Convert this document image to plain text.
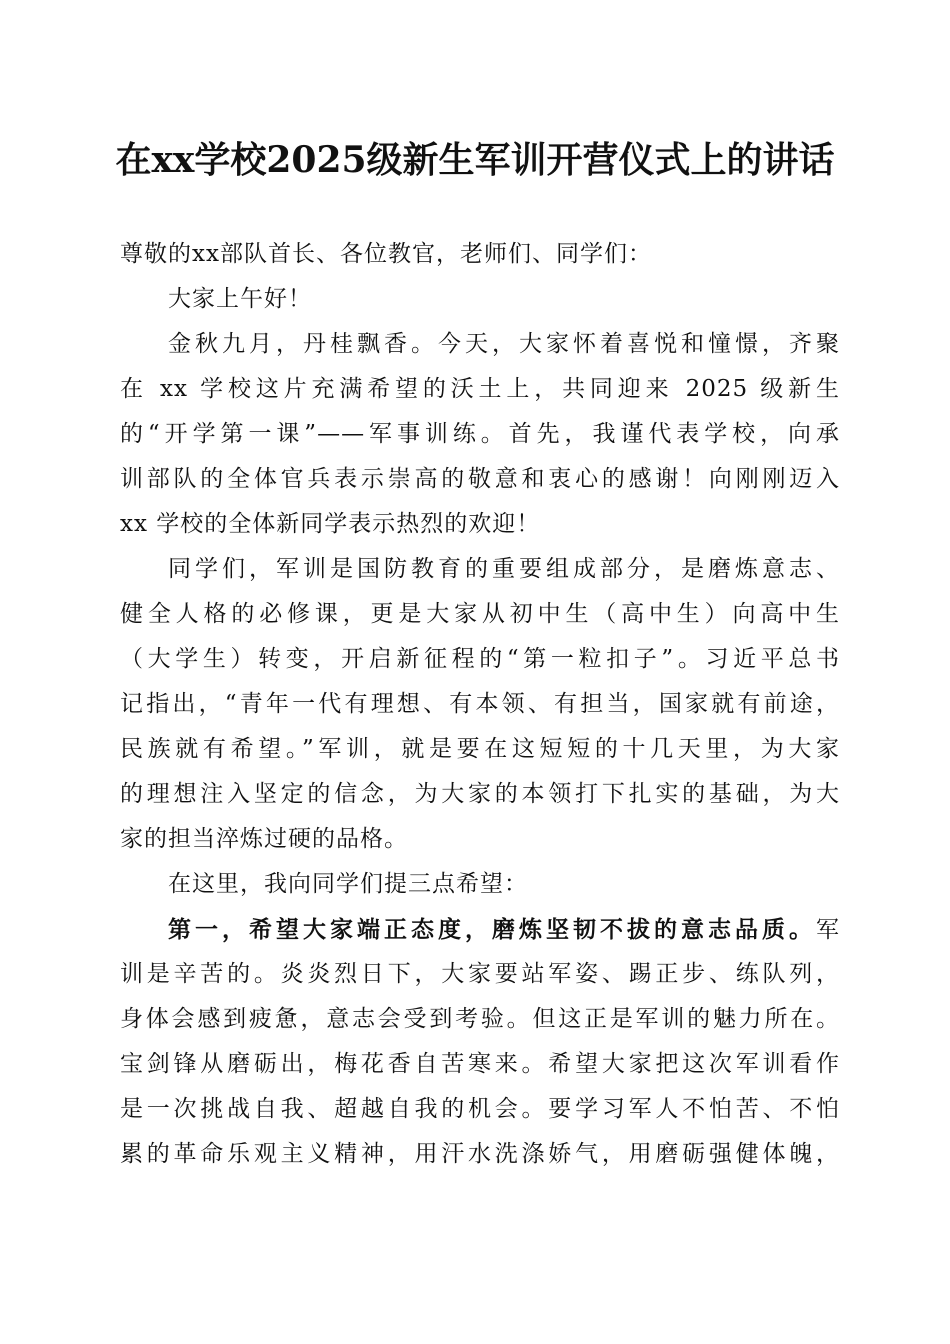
在xx学校2025级新生军训开营仪式上的讲话
尊敬的xx部队首长、各位教官，老师们、同学们：
大家上午好！
金秋九月，丹桂飘香。今天，大家怀着喜悦和憧憬，齐聚
在 xx 学校这片充满希望的沃土上，共同迎来 2025 级新生
的“开学第一课”——军事训练。首先，我谨代表学校，向承
训部队的全体官兵表示崇高的敬意和衷心的感谢！向刚刚迈入
xx 学校的全体新同学表示热烈的欢迎！
同学们，军训是国防教育的重要组成部分，是磨炼意志、
健全人格的必修课，更是大家从初中生（高中生）向高中生
（大学生）转变，开启新征程的“第一粒扣子”。习近平总书
记指出，“青年一代有理想、有本领、有担当，国家就有前途，
民族就有希望。”军训，就是要在这短短的十几天里，为大家
的理想注入坚定的信念，为大家的本领打下扎实的基础，为大
家的担当淬炼过硬的品格。
在这里，我向同学们提三点希望：
第一，希望大家端正态度，磨炼坚韧不拔的意志品质。军
训是辛苦的。炎炎烈日下，大家要站军姿、踢正步、练队列，
身体会感到疲惫，意志会受到考验。但这正是军训的魅力所在。
宝剑锋从磨砺出，梅花香自苦寒来。希望大家把这次军训看作
是一次挑战自我、超越自我的机会。要学习军人不怕苦、不怕
累的革命乐观主义精神，用汗水洗涤娇气，用磨砺强健体魄，
